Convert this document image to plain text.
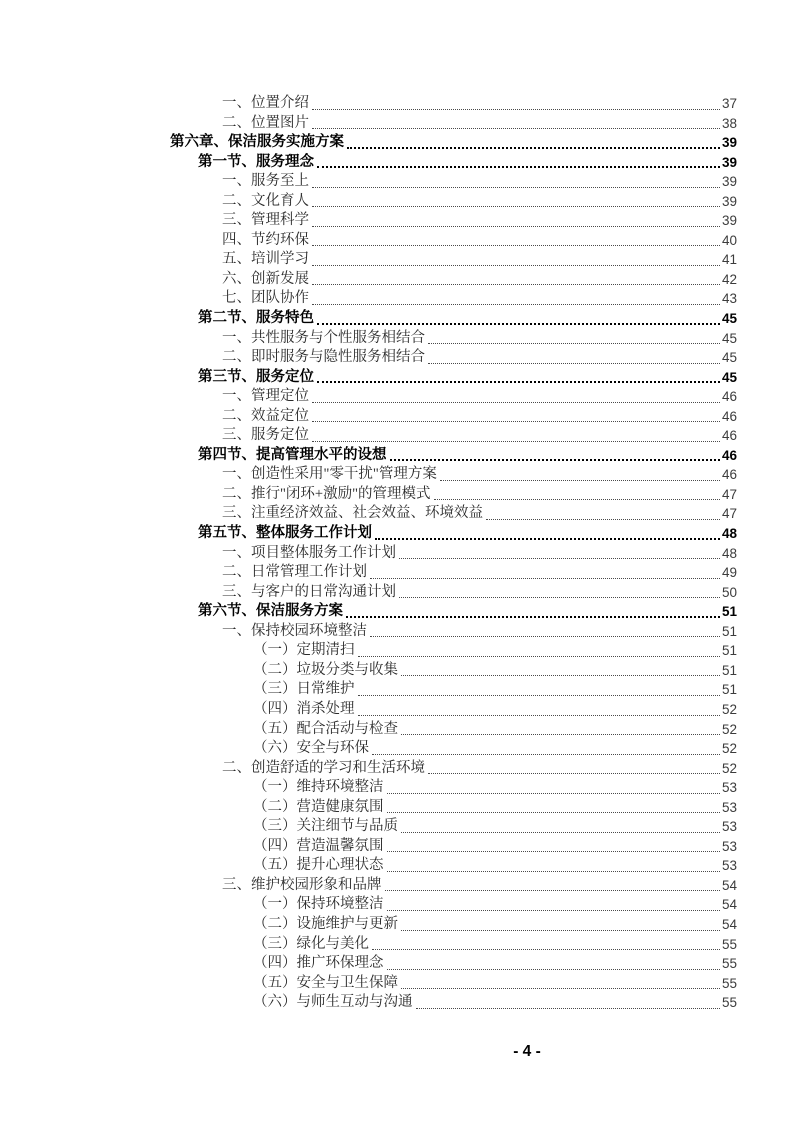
一、位置介绍	37
二、位置图片	38
第六章、保洁服务实施方案	39
第一节、服务理念	39
一、服务至上	39
二、文化育人	39
三、管理科学	39
四、节约环保	40
五、培训学习	41
六、创新发展	42
七、团队协作	43
第二节、服务特色	45
一、共性服务与个性服务相结合	45
二、即时服务与隐性服务相结合	45
第三节、服务定位	45
一、管理定位	46
二、效益定位	46
三、服务定位	46
第四节、提高管理水平的设想	46
一、创造性采用"零干扰"管理方案	46
二、推行"闭环+激励"的管理模式	47
三、注重经济效益、社会效益、环境效益	47
第五节、整体服务工作计划	48
一、项目整体服务工作计划	48
二、日常管理工作计划	49
三、与客户的日常沟通计划	50
第六节、保洁服务方案	51
一、保持校园环境整洁	51
（一）定期清扫	51
（二）垃圾分类与收集	51
（三）日常维护	51
（四）消杀处理	52
（五）配合活动与检查	52
（六）安全与环保	52
二、创造舒适的学习和生活环境	52
（一）维持环境整洁	53
（二）营造健康氛围	53
（三）关注细节与品质	53
（四）营造温馨氛围	53
（五）提升心理状态	53
三、维护校园形象和品牌	54
（一）保持环境整洁	54
（二）设施维护与更新	54
（三）绿化与美化	55
（四）推广环保理念	55
（五）安全与卫生保障	55
（六）与师生互动与沟通	55
- 4 -
